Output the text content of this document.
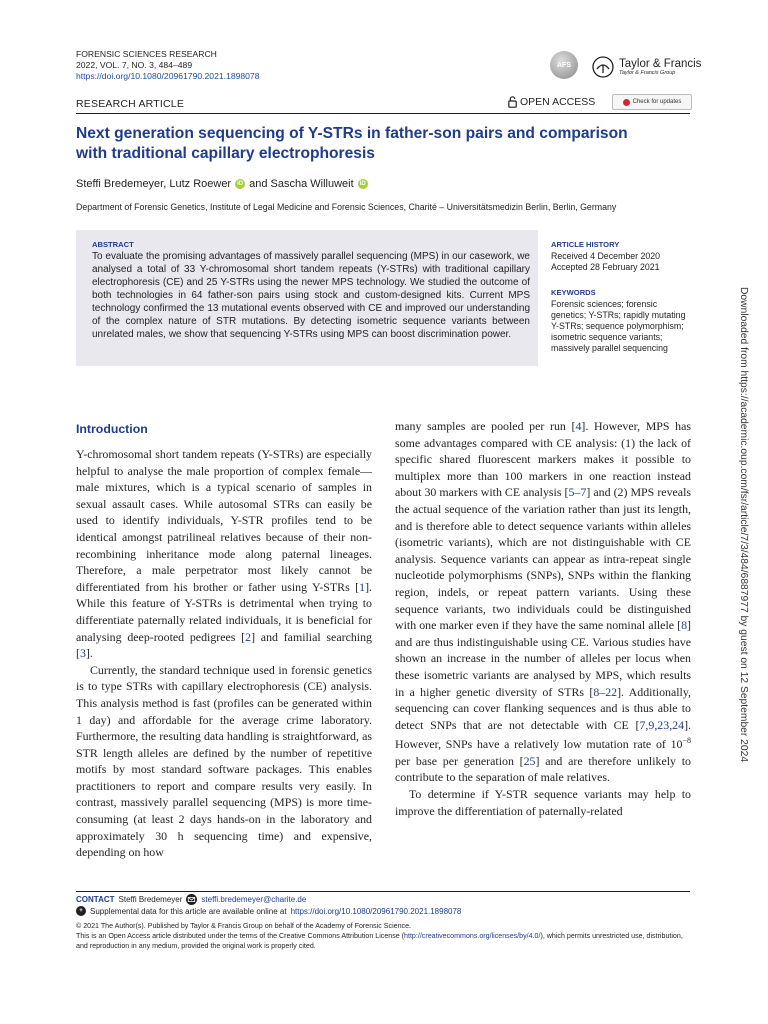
FORENSIC SCIENCES RESEARCH
2022, VOL. 7, NO. 3, 484–489
https://doi.org/10.1080/20961790.2021.1898078
AFS	Taylor & Francis
Taylor & Francis Group
RESEARCH ARTICLE	OPEN ACCESS	Check for updates
Next generation sequencing of Y-STRs in father-son pairs and comparison with traditional capillary electrophoresis
Steffi Bredemeyer, Lutz Roewer	iD and Sascha Willuweit	iD
Department of Forensic Genetics, Institute of Legal Medicine and Forensic Sciences, Charité – Universitätsmedizin Berlin, Berlin, Germany
ABSTRACT
To evaluate the promising advantages of massively parallel sequencing (MPS) in our casework, we analysed a total of 33 Y-chromosomal short tandem repeats (Y-STRs) with traditional capillary electrophoresis (CE) and 25 Y-STRs using the newer MPS technology. We studied the outcome of both technologies in 64 father-son pairs using stock and custom-designed kits. Current MPS technology confirmed the 13 mutational events observed with CE and improved our understanding of the complex nature of STR mutations. By detecting isometric sequence variants between unrelated males, we show that sequencing Y-STRs using MPS can boost discrimination power.
ARTICLE HISTORY
Received 4 December 2020
Accepted 28 February 2021
KEYWORDS
Forensic sciences; forensic genetics; Y-STRs; rapidly mutating Y-STRs; sequence polymorphism; isometric sequence variants; massively parallel sequencing
Introduction

Y-chromosomal short tandem repeats (Y-STRs) are especially helpful to analyse the male proportion of complex female—male mixtures, which is a typical scenario of samples in sexual assault cases. While autosomal STRs can easily be used to identify individuals, Y-STR profiles tend to be identical amongst patrilineal relatives because of their non-recombining inheritance mode along paternal lineages. Therefore, a male perpetrator most likely cannot be differentiated from his brother or father using Y-STRs [1]. While this feature of Y-STRs is detrimental when trying to differentiate paternally related individuals, it is beneficial for analysing deep-rooted pedigrees [2] and familial searching [3].

Currently, the standard technique used in forensic genetics is to type STRs with capillary electrophoresis (CE) analysis. This analysis method is fast (profiles can be generated within 1 day) and affordable for the average crime laboratory. Furthermore, the resulting data handling is straightforward, as STR length alleles are defined by the number of repetitive motifs by most standard software packages. This enables practitioners to report and compare results very easily. In contrast, massively parallel sequencing (MPS) is more time-consuming (at least 2 days hands-on in the laboratory and approximately 30 h sequencing time) and expensive, depending on how

many samples are pooled per run [4]. However, MPS has some advantages compared with CE analysis: (1) the lack of specific shared fluorescent markers makes it possible to multiplex more than 100 markers in one reaction instead about 30 markers with CE analysis [5–7] and (2) MPS reveals the actual sequence of the variation rather than just its length, and is therefore able to detect sequence variants within alleles (isometric variants), which are not distinguishable with CE analysis. Sequence variants can appear as intra-repeat single nucleotide polymorphisms (SNPs), SNPs within the flanking region, indels, or repeat pattern variants. Using these sequence variants, two individuals could be distinguished with one marker even if they have the same nominal allele [8] and are thus indistinguishable using CE. Various studies have shown an increase in the number of alleles per locus when these isometric variants are analysed by MPS, which results in a higher genetic diversity of STRs [8–22]. Additionally, sequencing can cover flanking sequences and is thus able to detect SNPs that are not detectable with CE [7,9,23,24]. However, SNPs have a relatively low mutation rate of $10^{-8}$ per base per generation [25] and are therefore unlikely to contribute to the separation of male relatives.

To determine if Y-STR sequence variants may help to improve the differentiation of paternally-related

CONTACT Steffi Bredemeyer steffi.bredemeyer@charite.de
+ Supplemental data for this article are available online at https://doi.org/10.1080/20961790.2021.1898078
© 2021 The Author(s). Published by Taylor & Francis Group on behalf of the Academy of Forensic Science.
This is an Open Access article distributed under the terms of the Creative Commons Attribution License (http://creativecommons.org/licenses/by/4.0/), which permits unrestricted use, distribution, and reproduction in any medium, provided the original work is properly cited.
Downloaded from https://academic.oup.com/fsr/article/7/3/484/6887977 by guest on 12 September 2024
